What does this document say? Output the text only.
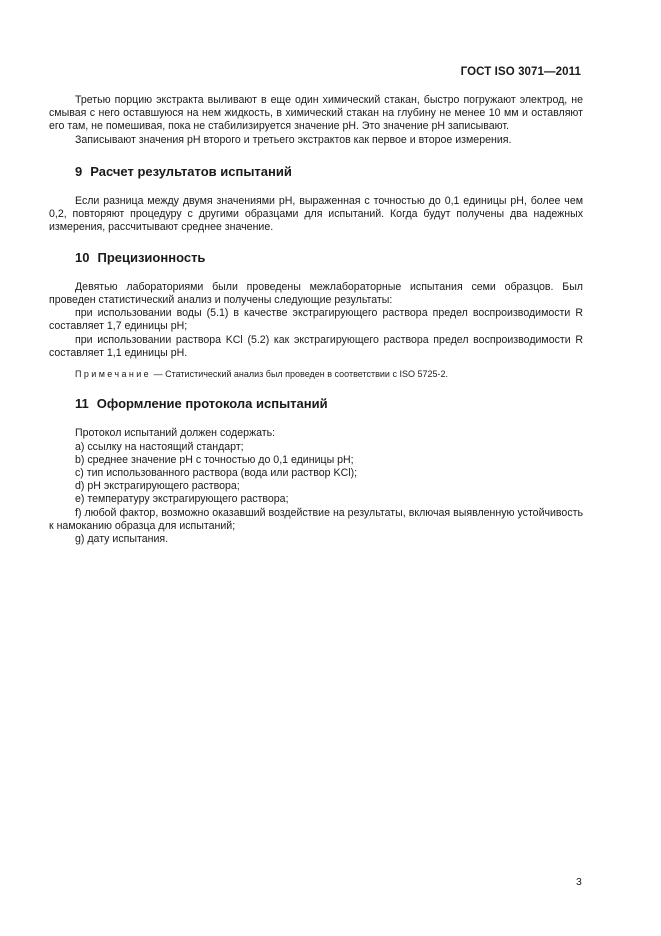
ГОСТ ISO 3071—2011

Третью порцию экстракта выливают в еще один химический стакан, быстро погружают электрод, не смывая с него оставшуюся на нем жидкость, в химический стакан на глубину не менее 10 мм и оставляют его там, не помешивая, пока не стабилизируется значение pH. Это значение pH записывают.

Записывают значения pH второго и третьего экстрактов как первое и второе измерения.

9 Расчет результатов испытаний

Если разница между двумя значениями pH, выраженная с точностью до 0,1 единицы pH, более чем 0,2, повторяют процедуру с другими образцами для испытаний. Когда будут получены два надежных измерения, рассчитывают среднее значение.

10 Прецизионность

Девятью лабораториями были проведены межлабораторные испытания семи образцов. Был проведен статистический анализ и получены следующие результаты:

при использовании воды (5.1) в качестве экстрагирующего раствора предел воспроизводимости R составляет 1,7 единицы pH;

при использовании раствора KCl (5.2) как экстрагирующего раствора предел воспроизводимости R составляет 1,1 единицы pH.

Примечание — Статистический анализ был проведен в соответствии с ISO 5725-2.

11 Оформление протокола испытаний

Протокол испытаний должен содержать:

a) ссылку на настоящий стандарт;

b) среднее значение pH с точностью до 0,1 единицы pH;

c) тип использованного раствора (вода или раствор KCl);

d) pH экстрагирующего раствора;

e) температуру экстрагирующего раствора;

f) любой фактор, возможно оказавший воздействие на результаты, включая выявленную устойчивость к намоканию образца для испытаний;

g) дату испытания.

3
